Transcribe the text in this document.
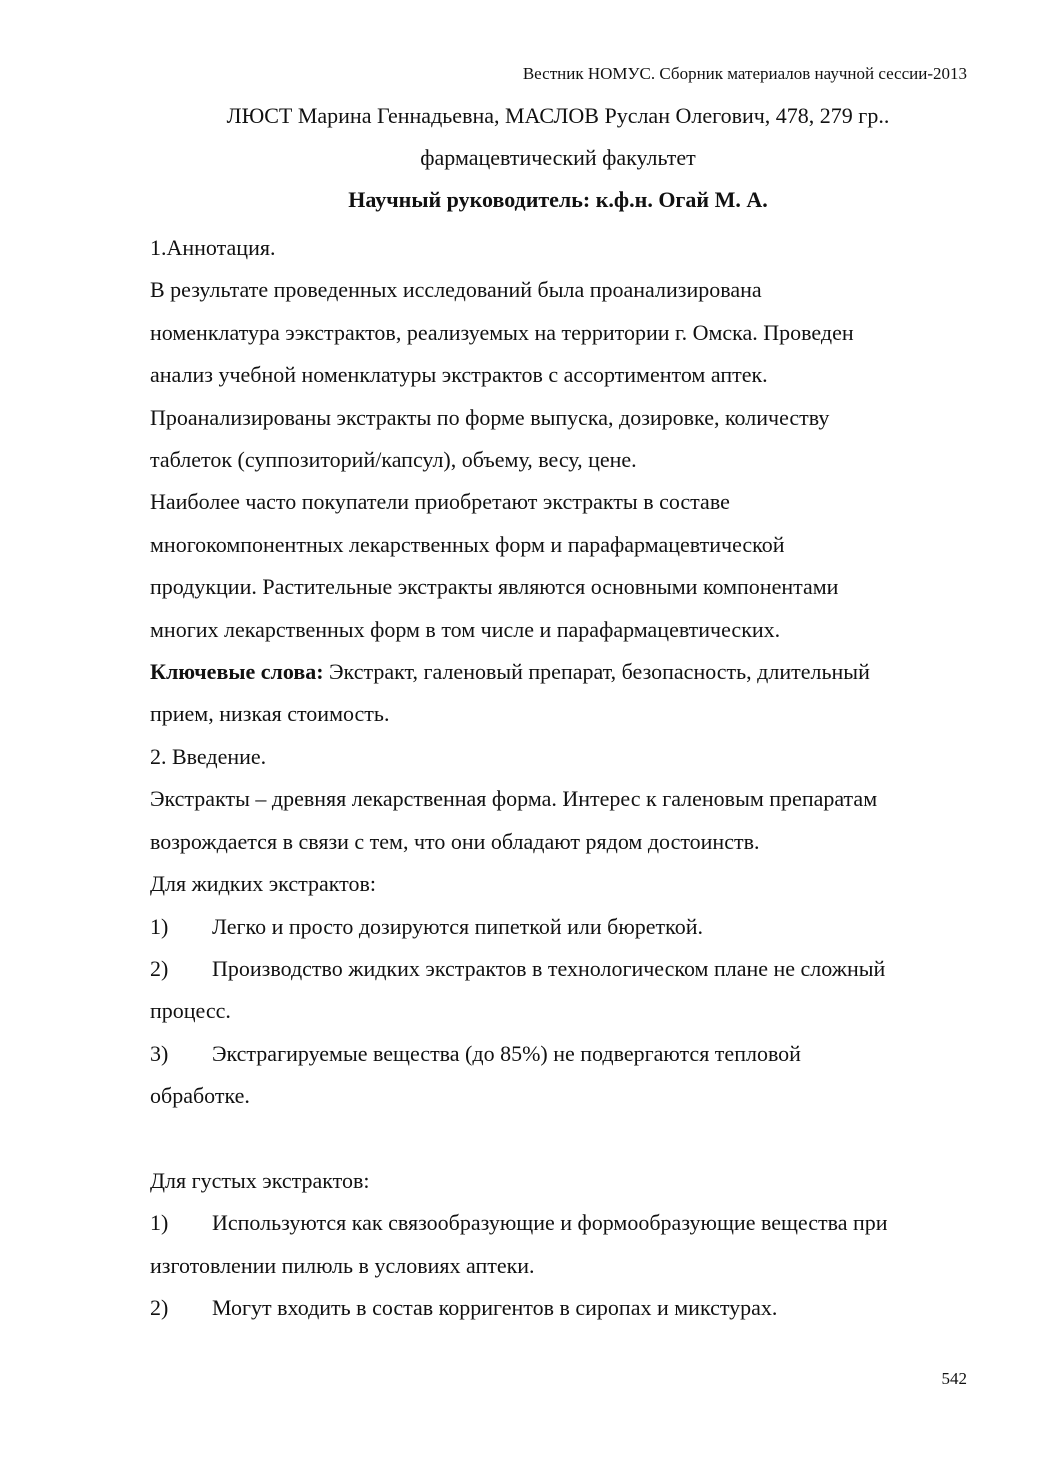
Вестник НОМУС. Сборник материалов научной сессии-2013
ЛЮСТ Марина Геннадьевна, МАСЛОВ Руслан Олегович, 478, 279 гр..
фармацевтический факультет
Научный руководитель: к.ф.н. Огай М. А.

1.Аннотация.

В результате проведенных исследований была проанализирована

номенклатура ээкстрактов, реализуемых на территории г. Омска. Проведен

анализ учебной номенклатуры экстрактов с ассортиментом аптек.

Проанализированы экстракты по форме выпуска, дозировке, количеству

таблеток (суппозиторий/капсул), объему, весу, цене.

Наиболее часто покупатели приобретают экстракты в составе

многокомпонентных лекарственных форм и парафармацевтической

продукции. Растительные экстракты являются основными компонентами

многих лекарственных форм в том числе и парафармацевтических.

Ключевые слова: Экстракт, галеновый препарат, безопасность, длительный

прием, низкая стоимость.

2. Введение.

Экстракты – древняя лекарственная форма. Интерес к галеновым препаратам

возрождается в связи с тем, что они обладают рядом достоинств.

Для жидких экстрактов:

1) Легко и просто дозируются пипеткой или бюреткой.

2) Производство жидких экстрактов в технологическом плане не сложный

процесс.

3) Экстрагируемые вещества (до 85%) не подвергаются тепловой

обработке.

Для густых экстрактов:

1) Используются как связообразующие и формообразующие вещества при

изготовлении пилюль в условиях аптеки.

2) Могут входить в состав корригентов в сиропах и микстурах.

542
